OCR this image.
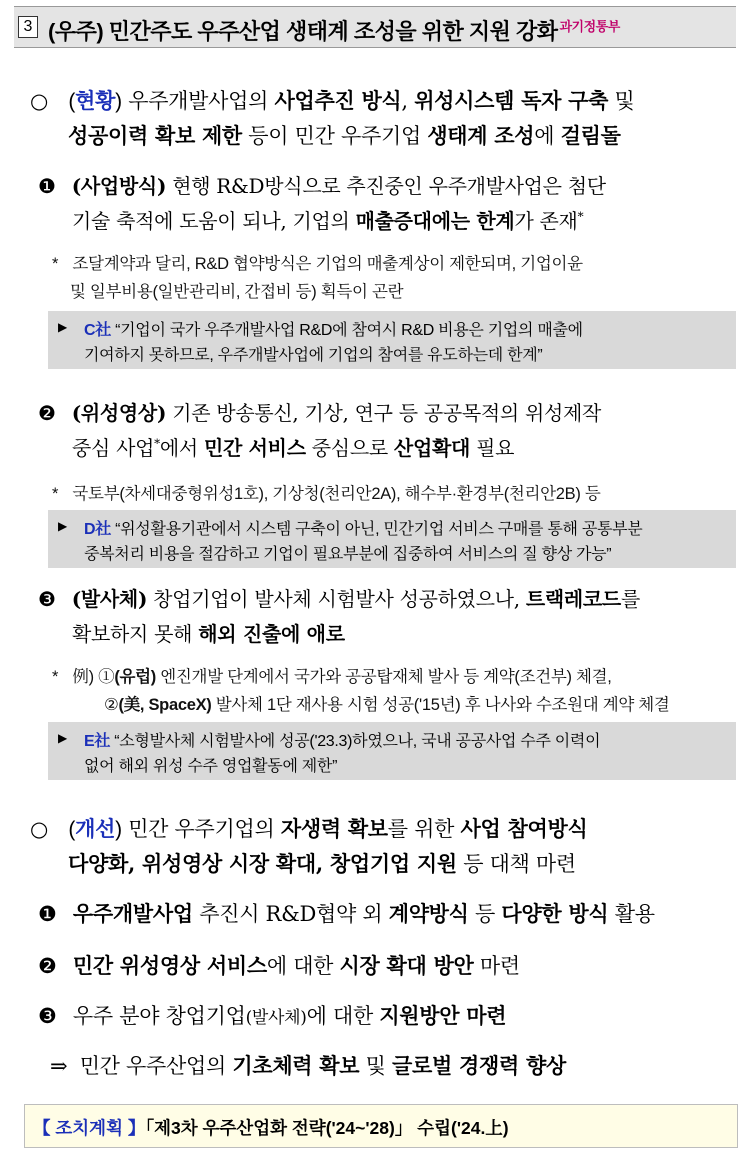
3 (우주) 민간주도 우주산업 생태계 조성을 위한 지원 강화 $^{과기정통부}$
○ (현황) 우주개발사업의 사업추진 방식, 위성시스템 독자 구축 및
성공이력 확보 제한 등이 민간 우주기업 생태계 조성에 걸림돌
❶ (사업방식) 현행 R&D방식으로 추진중인 우주개발사업은 첨단
기술 축적에 도움이 되나, 기업의 매출증대에는 한계가 존재*
* 조달계약과 달리, R&D 협약방식은 기업의 매출계상이 제한되며, 기업이윤
및 일부비용(일반관리비, 간접비 등) 획득이 곤란
▶ C社 “기업이 국가 우주개발사업 R&D에 참여시 R&D 비용은 기업의 매출에
기여하지 못하므로, 우주개발사업에 기업의 참여를 유도하는데 한계”
❷ (위성영상) 기존 방송통신, 기상, 연구 등 공공목적의 위성제작
중심 사업*에서 민간 서비스 중심으로 산업확대 필요
* 국토부(차세대중형위성1호), 기상청(천리안2A), 해수부·환경부(천리안2B) 등
▶ D社 “위성활용기관에서 시스템 구축이 아닌, 민간기업 서비스 구매를 통해 공통부분
중복처리 비용을 절감하고 기업이 필요부분에 집중하여 서비스의 질 향상 가능”
❸ (발사체) 창업기업이 발사체 시험발사 성공하였으나, 트랙레코드를
확보하지 못해 해외 진출에 애로
* 例) ①(유럽) 엔진개발 단계에서 국가와 공공탑재체 발사 등 계약(조건부) 체결,
②(美, SpaceX) 발사체 1단 재사용 시험 성공('15년) 후 나사와 수조원대 계약 체결
▶ E社 “소형발사체 시험발사에 성공('23.3)하였으나, 국내 공공사업 수주 이력이
없어 해외 위성 수주 영업활동에 제한”
○ (개선) 민간 우주기업의 자생력 확보를 위한 사업 참여방식
다양화, 위성영상 시장 확대, 창업기업 지원 등 대책 마련
❶ 우주개발사업 추진시 R&D협약 외 계약방식 등 다양한 방식 활용
❷ 민간 위성영상 서비스에 대한 시장 확대 방안 마련
❸ 우주 분야 창업기업(발사체)에 대한 지원방안 마련
⇒ 민간 우주산업의 기초체력 확보 및 글로벌 경쟁력 향상
【 조치계획 】「제3차 우주산업화 전략('24~'28)」 수립('24.上)
